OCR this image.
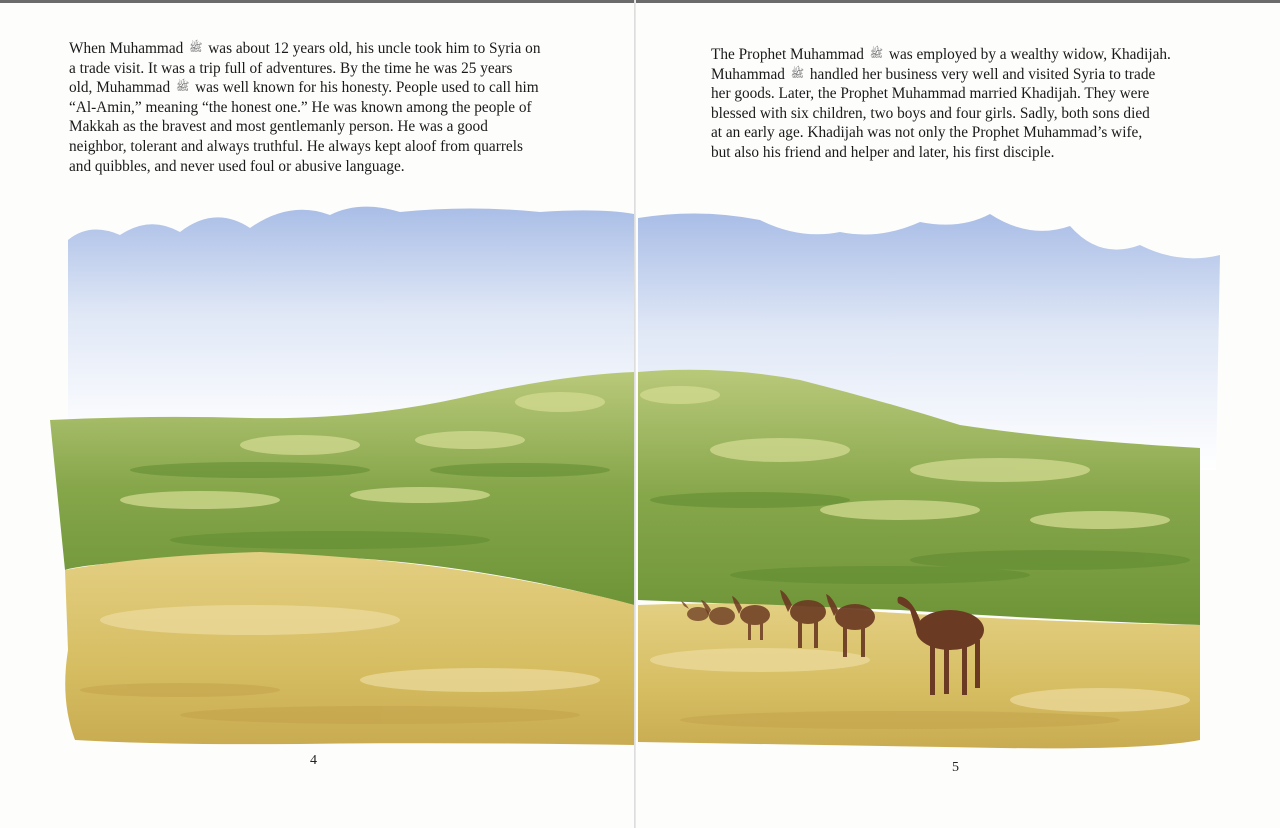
When Muhammad ﷺ was about 12 years old, his uncle took him to Syria on
a trade visit. It was a trip full of adventures. By the time he was 25 years
old, Muhammad ﷺ was well known for his honesty. People used to call him
“Al-Amin,” meaning “the honest one.” He was known among the people of
Makkah as the bravest and most gentlemanly person. He was a good
neighbor, tolerant and always truthful. He always kept aloof from quarrels
and quibbles, and never used foul or abusive language.
The Prophet Muhammad ﷺ was employed by a wealthy widow, Khadijah.
Muhammad ﷺ handled her business very well and visited Syria to trade
her goods. Later, the Prophet Muhammad married Khadijah. They were
blessed with six children, two boys and four girls. Sadly, both sons died
at an early age. Khadijah was not only the Prophet Muhammad’s wife,
but also his friend and helper and later, his first disciple.
4	5
